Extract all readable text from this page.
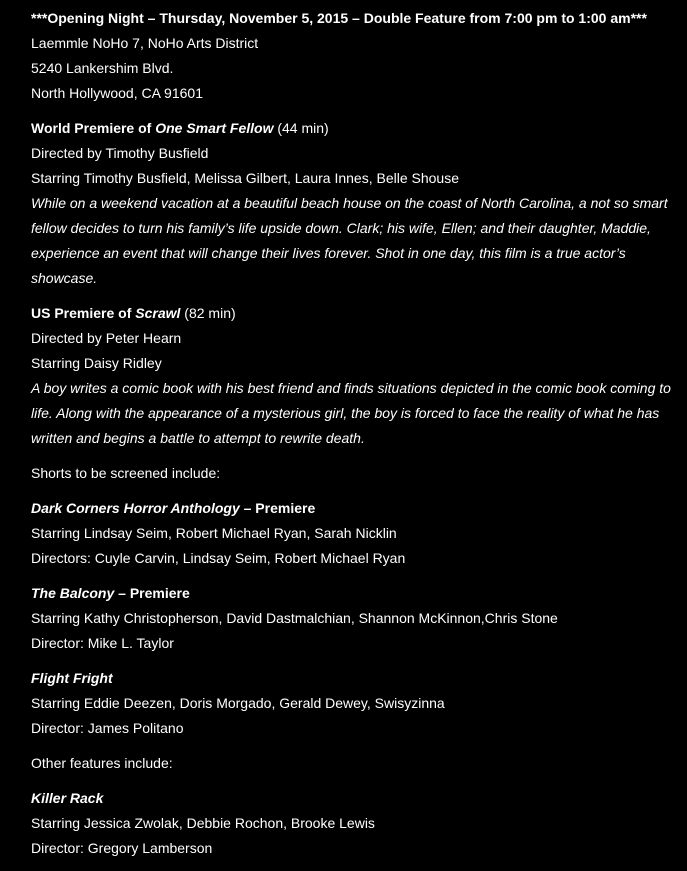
***Opening Night – Thursday, November 5, 2015 – Double Feature from 7:00 pm to 1:00 am***
Laemmle NoHo 7, NoHo Arts District
5240 Lankershim Blvd.
North Hollywood, CA 91601
World Premiere of One Smart Fellow (44 min)
Directed by Timothy Busfield
Starring Timothy Busfield, Melissa Gilbert, Laura Innes, Belle Shouse
While on a weekend vacation at a beautiful beach house on the coast of North Carolina, a not so smart fellow decides to turn his family’s life upside down. Clark; his wife, Ellen; and their daughter, Maddie, experience an event that will change their lives forever. Shot in one day, this film is a true actor’s showcase.
US Premiere of Scrawl (82 min)
Directed by Peter Hearn
Starring Daisy Ridley
A boy writes a comic book with his best friend and finds situations depicted in the comic book coming to life. Along with the appearance of a mysterious girl, the boy is forced to face the reality of what he has written and begins a battle to attempt to rewrite death.
Shorts to be screened include:
Dark Corners Horror Anthology – Premiere
Starring Lindsay Seim, Robert Michael Ryan, Sarah Nicklin
Directors: Cuyle Carvin, Lindsay Seim, Robert Michael Ryan
The Balcony – Premiere
Starring Kathy Christopherson, David Dastmalchian, Shannon McKinnon,Chris Stone
Director: Mike L. Taylor
Flight Fright
Starring Eddie Deezen, Doris Morgado, Gerald Dewey, Swisyzinna
Director: James Politano
Other features include:
Killer Rack
Starring Jessica Zwolak, Debbie Rochon, Brooke Lewis
Director: Gregory Lamberson
